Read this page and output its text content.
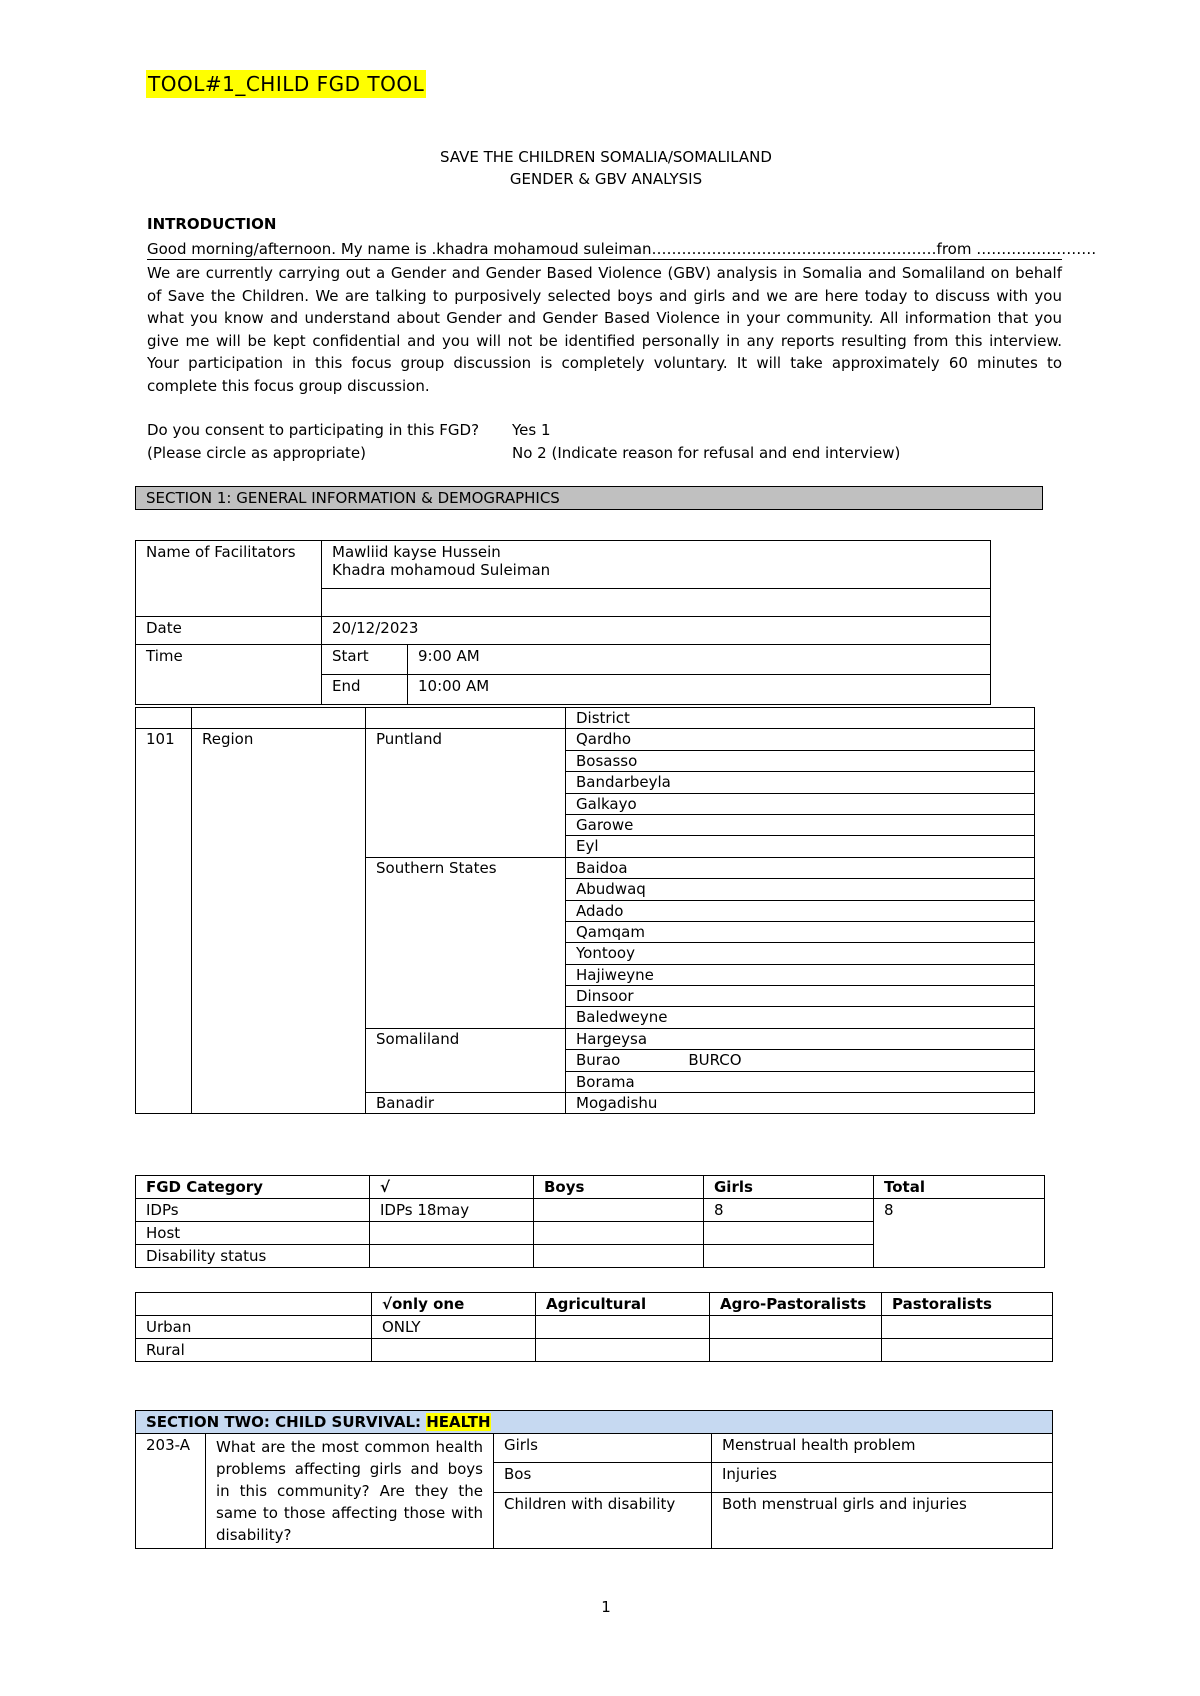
TOOL#1_CHILD FGD TOOL
SAVE THE CHILDREN SOMALIA/SOMALILAND
GENDER & GBV ANALYSIS
INTRODUCTION
Good morning/afternoon. My name is .khadra mohamoud suleiman…………………………………………………from ……………………
We are currently carrying out a Gender and Gender Based Violence (GBV) analysis in Somalia and Somaliland on behalf of Save the Children. We are talking to purposively selected boys and girls and we are here today to discuss with you what you know and understand about Gender and Gender Based Violence in your community. All information that you give me will be kept confidential and you will not be identified personally in any reports resulting from this interview. Your participation in this focus group discussion is completely voluntary. It will take approximately 60 minutes to complete this focus group discussion.
Do you consent to participating in this FGD? Yes 1
(Please circle as appropriate)	No 2 (Indicate reason for refusal and end interview)
SECTION 1: GENERAL INFORMATION & DEMOGRAPHICS
Name of Facilitators	Mawliid kayse Hussein
Khadra mohamoud Suleiman	

Date	20/12/2023	
Time	Start	9:00 AM
	End	10:00 AM
			District
101	Region	Puntland	Qardho
			Bosasso
			Bandarbeyla
			Galkayo
			Garowe
			Eyl
		Southern States	Baidoa
			Abudwaq
			Adado
			Qamqam
			Yontooy
			Hajiweyne
			Dinsoor
			Baledweyne
		Somaliland	Hargeysa
			Burao BURCO
			Borama
		Banadir	Mogadishu
FGD Category	√	Boys	Girls	Total
IDPs	IDPs 18may		8	8
Host				
Disability status				
	√only one	Agricultural	Agro-Pastoralists	Pastoralists
Urban	ONLY			
Rural				
SECTION TWO: CHILD SURVIVAL: HEALTH			
203-A	What are the most common health problems affecting girls and boys in this community? Are they the same to those affecting those with disability?	Girls	Menstrual health problem
		Bos	Injuries
		Children with disability	Both menstrual girls and injuries
1
